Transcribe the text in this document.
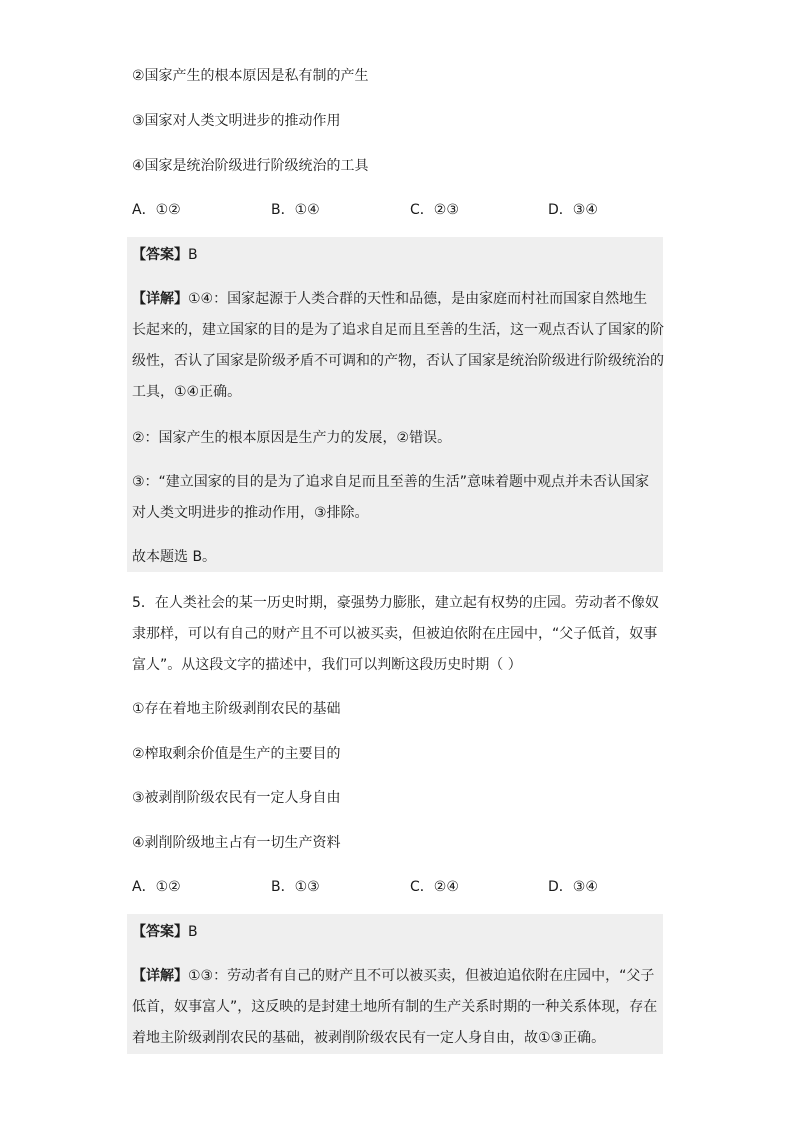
②国家产生的根本原因是私有制的产生
③国家对人类文明进步的推动作用
④国家是统治阶级进行阶级统治的工具
A．①②	B．①④	C．②③	D．③④
【答案】B
【详解】①④：国家起源于人类合群的天性和品德，是由家庭而村社而国家自然地生
长起来的，建立国家的目的是为了追求自足而且至善的生活，这一观点否认了国家的阶
级性，否认了国家是阶级矛盾不可调和的产物，否认了国家是统治阶级进行阶级统治的
工具，①④正确。
②：国家产生的根本原因是生产力的发展，②错误。
③：“建立国家的目的是为了追求自足而且至善的生活”意味着题中观点并未否认国家
对人类文明进步的推动作用，③排除。
故本题选 B。
5．在人类社会的某一历史时期，豪强势力膨胀，建立起有权势的庄园。劳动者不像奴
隶那样，可以有自己的财产且不可以被买卖，但被迫依附在庄园中，“父子低首，奴事
富人”。从这段文字的描述中，我们可以判断这段历史时期（ ）
①存在着地主阶级剥削农民的基础
②榨取剩余价值是生产的主要目的
③被剥削阶级农民有一定人身自由
④剥削阶级地主占有一切生产资料
A．①②	B．①③	C．②④	D．③④
【答案】B
【详解】①③：劳动者有自己的财产且不可以被买卖，但被迫追依附在庄园中，“父子
低首，奴事富人”，这反映的是封建土地所有制的生产关系时期的一种关系体现，存在
着地主阶级剥削农民的基础，被剥削阶级农民有一定人身自由，故①③正确。
